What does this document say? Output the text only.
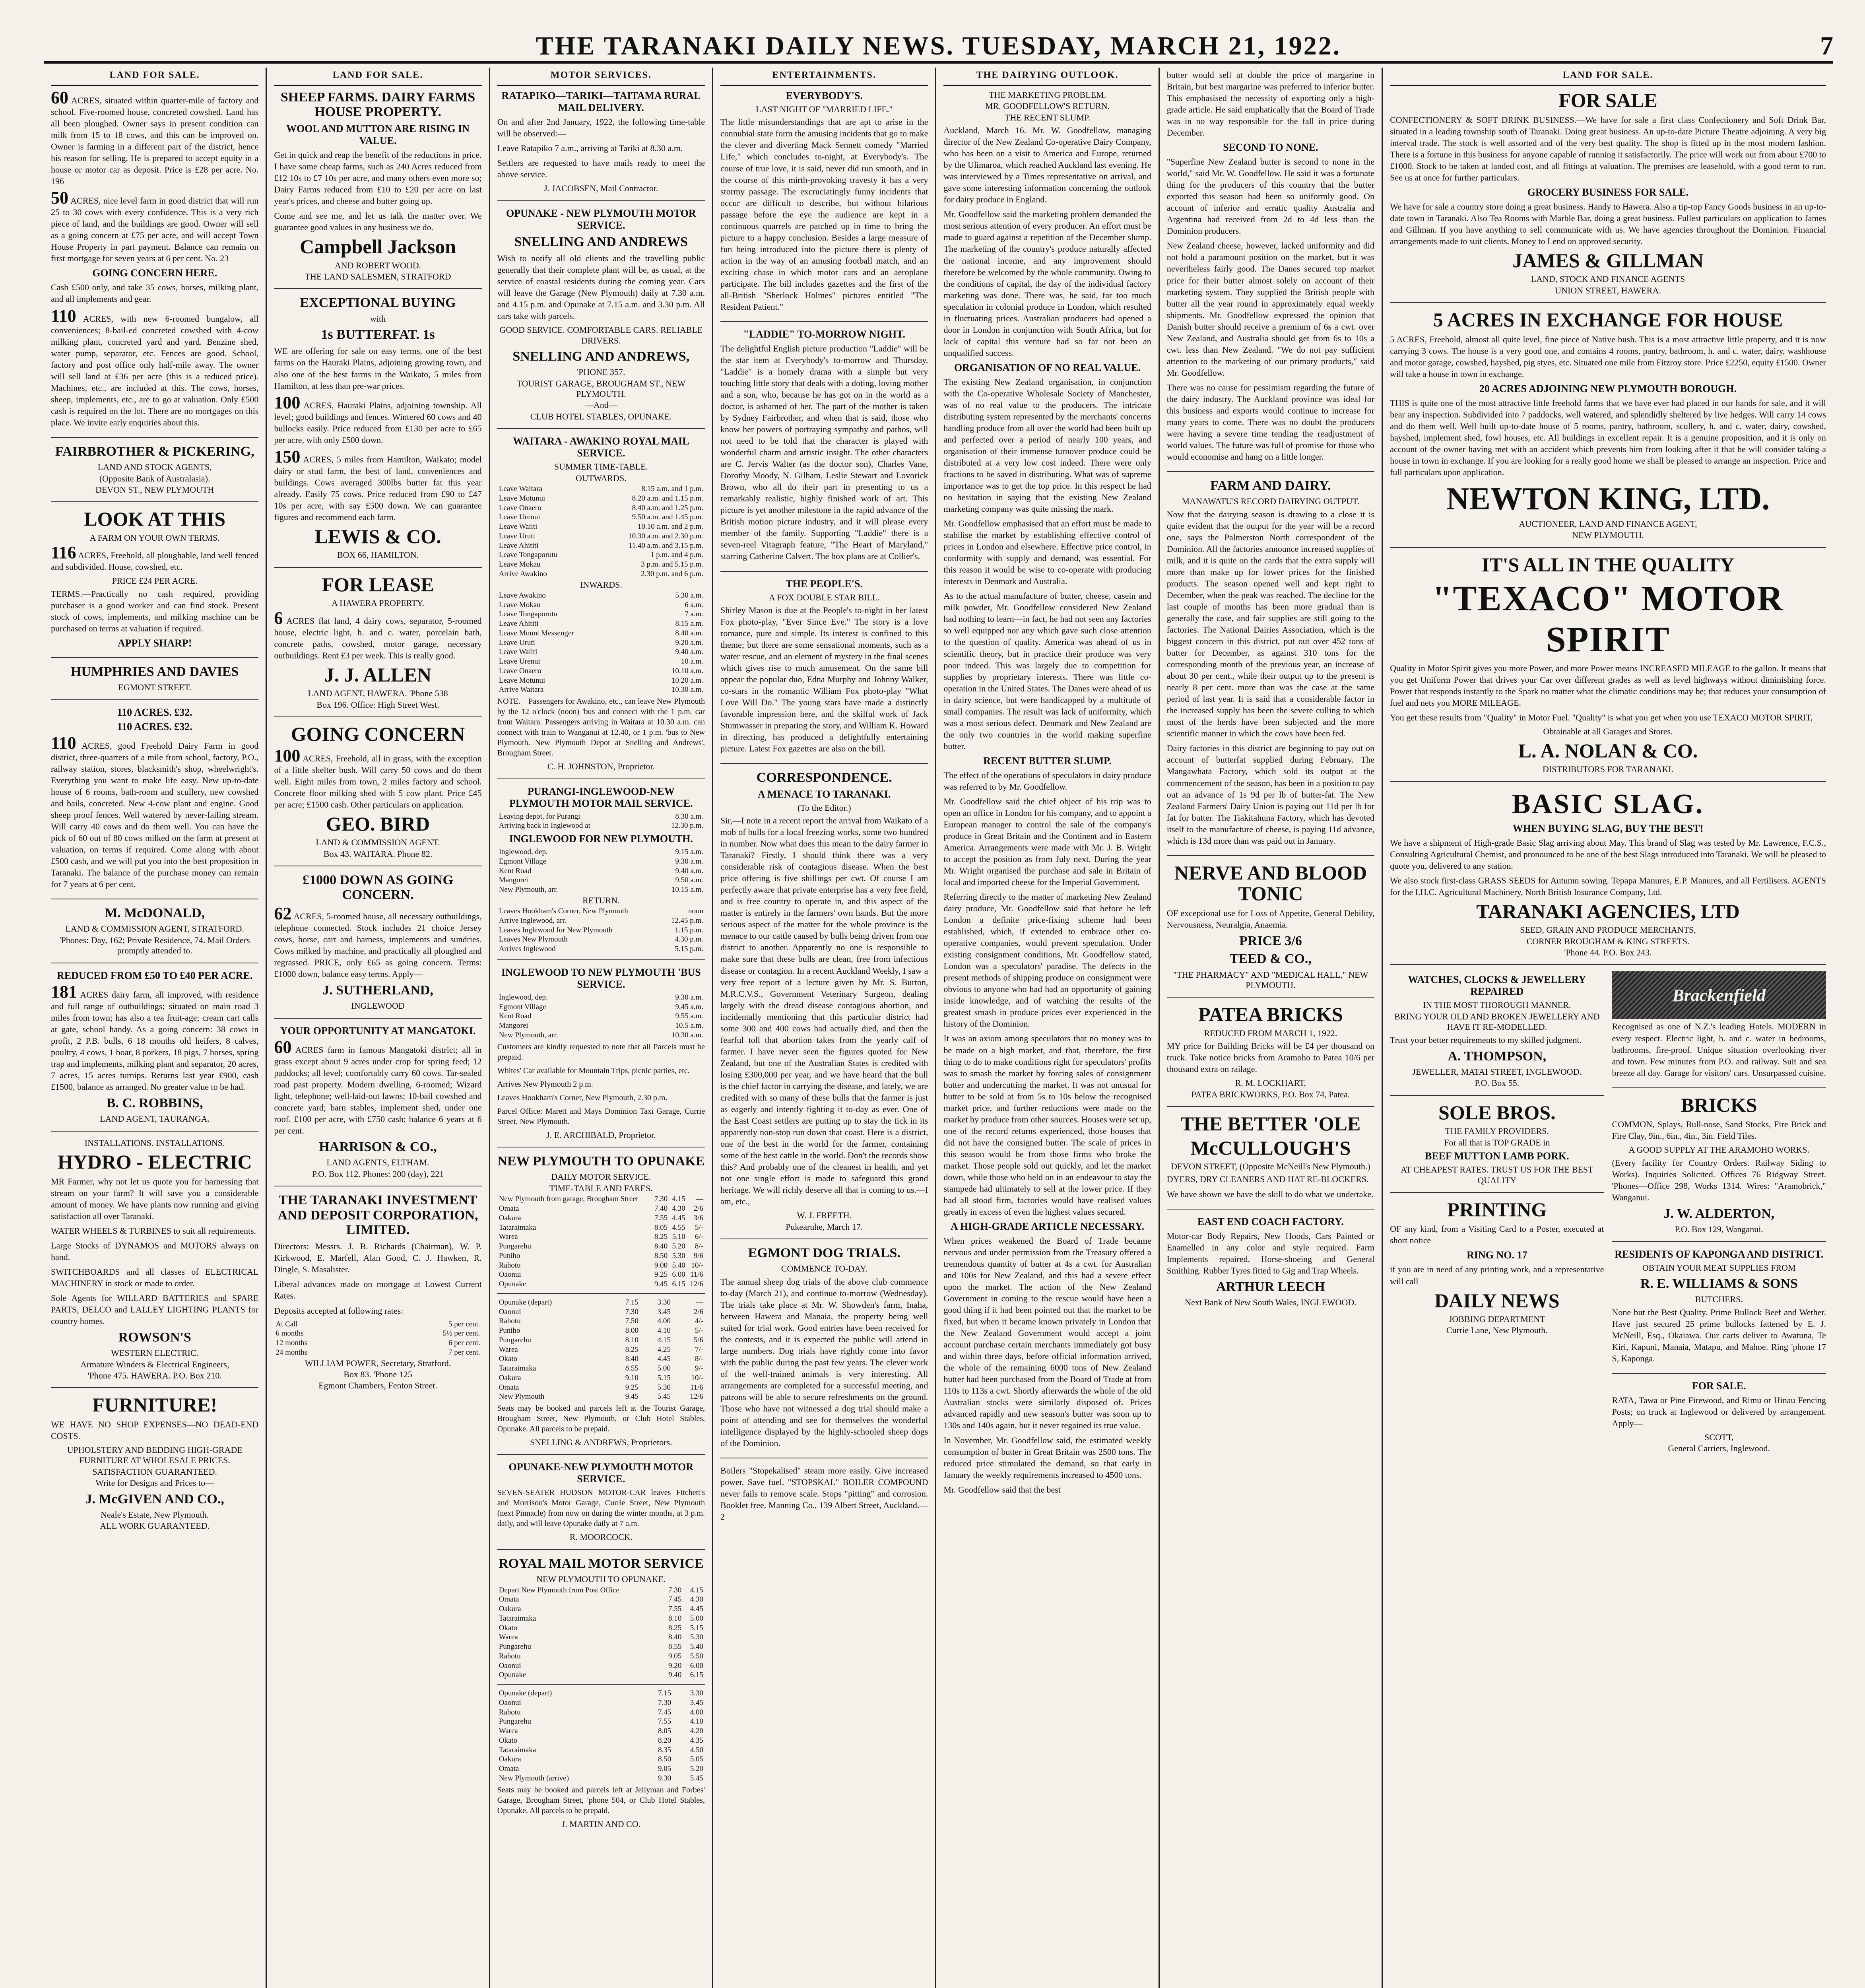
THE TARANAKI DAILY NEWS. TUESDAY, MARCH 21, 1922.	7
LAND FOR SALE.

60 ACRES, situated within quarter-mile of factory and school. Five-roomed house, concreted cowshed. Land has all been ploughed. Owner says in present condition can milk from 15 to 18 cows, and this can be improved on. Owner is farming in a different part of the district, hence his reason for selling. He is prepared to accept equity in a house or motor car as deposit. Price is £28 per acre. No. 196

50 ACRES, nice level farm in good district that will run 25 to 30 cows with every confidence. This is a very rich piece of land, and the buildings are good. Owner will sell as a going concern at £75 per acre, and will accept Town House Property in part payment. Balance can remain on first mortgage for seven years at 6 per cent. No. 23

GOING CONCERN HERE.

Cash £500 only, and take 35 cows, horses, milking plant, and all implements and gear.

110 ACRES, with new 6-roomed bungalow, all conveniences; 8-bail-ed concreted cowshed with 4-cow milking plant, concreted yard and yard. Benzine shed, water pump, separator, etc. Fences are good. School, factory and post office only half-mile away. The owner will sell land at £36 per acre (this is a reduced price). Machines, etc., are included at this. The cows, horses, sheep, implements, etc., are to go at valuation. Only £500 cash is required on the lot. There are no mortgages on this place. We invite early enquiries about this.

FAIRBROTHER & PICKERING,
LAND AND STOCK AGENTS,
(Opposite Bank of Australasia).
DEVON ST., NEW PLYMOUTH
LOOK AT THIS
A FARM ON YOUR OWN TERMS.

116 ACRES, Freehold, all ploughable, land well fenced and subdivided. House, cowshed, etc.

PRICE £24 PER ACRE.

TERMS.—Practically no cash required, providing purchaser is a good worker and can find stock. Present stock of cows, implements, and milking machine can be purchased on terms at valuation if required.

APPLY SHARP!
HUMPHRIES AND DAVIES
EGMONT STREET.
110 ACRES. £32.
110 ACRES. £32.

110 ACRES, good Freehold Dairy Farm in good district, three-quarters of a mile from school, factory, P.O., railway station, stores, blacksmith's shop, wheelwright's. Everything you want to make life easy. New up-to-date house of 6 rooms, bath-room and scullery, new cowshed and bails, concreted. New 4-cow plant and engine. Good sheep proof fences. Well watered by never-failing stream. Will carry 40 cows and do them well. You can have the pick of 60 out of 80 cows milked on the farm at present at valuation, on terms if required. Come along with about £500 cash, and we will put you into the best proposition in Taranaki. The balance of the purchase money can remain for 7 years at 6 per cent.

M. McDONALD,
LAND & COMMISSION AGENT, STRATFORD.
'Phones: Day, 162; Private Residence, 74. Mail Orders promptly attended to.
REDUCED FROM £50 TO £40 PER ACRE.

181 ACRES dairy farm, all improved, with residence and full range of outbuildings; situated on main road 3 miles from town; has also a tea fruit-age; cream cart calls at gate, school handy. As a going concern: 38 cows in profit, 2 P.B. bulls, 6 18 months old heifers, 8 calves, poultry, 4 cows, 1 boar, 8 porkers, 18 pigs, 7 horses, spring trap and implements, milking plant and separator, 20 acres, 7 acres, 15 acres turnips. Returns last year £900, cash £1500, balance as arranged. No greater value to be had.

B. C. ROBBINS,
LAND AGENT, TAURANGA.
INSTALLATIONS. INSTALLATIONS.
HYDRO - ELECTRIC

MR Farmer, why not let us quote you for harnessing that stream on your farm? It will save you a considerable amount of money. We have plants now running and giving satisfaction all over Taranaki.

WATER WHEELS & TURBINES to suit all requirements.

Large Stocks of DYNAMOS and MOTORS always on hand.

SWITCHBOARDS and all classes of ELECTRICAL MACHINERY in stock or made to order.

Sole Agents for WILLARD BATTERIES and SPARE PARTS, DELCO and LALLEY LIGHTING PLANTS for country homes.

ROWSON'S
WESTERN ELECTRIC.
Armature Winders & Electrical Engineers,
'Phone 475. HAWERA. P.O. Box 210.
FURNITURE!

WE HAVE NO SHOP EXPENSES—NO DEAD-END COSTS.

UPHOLSTERY AND BEDDING HIGH-GRADE FURNITURE AT WHOLESALE PRICES.
SATISFACTION GUARANTEED.
Write for Designs and Prices to—
J. McGIVEN AND CO.,
Neale's Estate, New Plymouth.
ALL WORK GUARANTEED.
LAND FOR SALE.
SHEEP FARMS. DAIRY FARMS HOUSE PROPERTY.
WOOL AND MUTTON ARE RISING IN VALUE.

Get in quick and reap the benefit of the reductions in price. I have some cheap farms, such as 240 Acres reduced from £12 10s to £7 10s per acre, and many others even more so; Dairy Farms reduced from £10 to £20 per acre on last year's prices, and cheese and butter going up.

Come and see me, and let us talk the matter over. We guarantee good values in any business we do.

Campbell Jackson
AND ROBERT WOOD.
THE LAND SALESMEN, STRATFORD
EXCEPTIONAL BUYING
with
1s BUTTERFAT. 1s

WE are offering for sale on easy terms, one of the best farms on the Hauraki Plains, adjoining growing town, and also one of the best farms in the Waikato, 5 miles from Hamilton, at less than pre-war prices.

100 ACRES, Hauraki Plains, adjoining township. All level; good buildings and fences. Wintered 60 cows and 40 bullocks easily. Price reduced from £130 per acre to £65 per acre, with only £500 down.

150 ACRES, 5 miles from Hamilton, Waikato; model dairy or stud farm, the best of land, conveniences and buildings. Cows averaged 300lbs butter fat this year already. Easily 75 cows. Price reduced from £90 to £47 10s per acre, with say £500 down. We can guarantee figures and recommend each farm.

LEWIS & CO.
BOX 66, HAMILTON.
FOR LEASE
A HAWERA PROPERTY.

6 ACRES flat land, 4 dairy cows, separator, 5-roomed house, electric light, h. and c. water, porcelain bath, concrete paths, cowshed, motor garage, necessary outbuildings. Rent £3 per week. This is really good.

J. J. ALLEN
LAND AGENT, HAWERA. 'Phone 538
Box 196. Office: High Street West.
GOING CONCERN

100 ACRES, Freehold, all in grass, with the exception of a little shelter bush. Will carry 50 cows and do them well. Eight miles from town, 2 miles factory and school. Concrete floor milking shed with 5 cow plant. Price £45 per acre; £1500 cash. Other particulars on application.

GEO. BIRD
LAND & COMMISSION AGENT.
Box 43. WAITARA. Phone 82.
£1000 DOWN AS GOING CONCERN.

62 ACRES, 5-roomed house, all necessary outbuildings, telephone connected. Stock includes 21 choice Jersey cows, horse, cart and harness, implements and sundries. Cows milked by machine, and practically all ploughed and regrassed. PRICE, only £65 as going concern. Terms: £1000 down, balance easy terms. Apply—

J. SUTHERLAND,
INGLEWOOD
YOUR OPPORTUNITY AT MANGATOKI.

60 ACRES farm in famous Mangatoki district; all in grass except about 9 acres under crop for spring feed; 12 paddocks; all level; comfortably carry 60 cows. Tar-sealed road past property. Modern dwelling, 6-roomed; Wizard light, telephone; well-laid-out lawns; 10-bail cowshed and concrete yard; barn stables, implement shed, under one roof. £100 per acre, with £750 cash; balance 6 years at 6 per cent.

HARRISON & CO.,
LAND AGENTS, ELTHAM.
P.O. Box 112. Phones: 200 (day), 221
THE TARANAKI INVESTMENT AND DEPOSIT CORPORATION, LIMITED.

Directors: Messrs. J. B. Richards (Chairman), W. P. Kirkwood, E. Marfell, Alan Good, C. J. Hawken, R. Dingle, S. Masalister.

Liberal advances made on mortgage at Lowest Current Rates.

Deposits accepted at following rates:

At Call	5 per cent.
6 months	5½ per cent.
12 months	6 per cent.
24 months	7 per cent.
WILLIAM POWER, Secretary, Stratford.
Box 83. 'Phone 125
Egmont Chambers, Fenton Street.
MOTOR SERVICES.
RATAPIKO—TARIKI—TAITAMA RURAL MAIL DELIVERY.

On and after 2nd January, 1922, the following time-table will be observed:—

Leave Ratapiko 7 a.m., arriving at Tariki at 8.30 a.m.

Settlers are requested to have mails ready to meet the above service.

J. JACOBSEN, Mail Contractor.
OPUNAKE - NEW PLYMOUTH MOTOR SERVICE.
SNELLING AND ANDREWS

Wish to notify all old clients and the travelling public generally that their complete plant will be, as usual, at the service of coastal residents during the coming year. Cars will leave the Garage (New Plymouth) daily at 7.30 a.m. and 4.15 p.m. and Opunake at 7.15 a.m. and 3.30 p.m. All cars take with parcels.

GOOD SERVICE. COMFORTABLE CARS. RELIABLE DRIVERS.
SNELLING AND ANDREWS,
'PHONE 357.
TOURIST GARAGE, BROUGHAM ST., NEW PLYMOUTH.
—And—
CLUB HOTEL STABLES, OPUNAKE.
WAITARA - AWAKINO ROYAL MAIL SERVICE.
SUMMER TIME-TABLE.
OUTWARDS.
Leave Waitara	8.15 a.m. and 1 p.m.
Leave Motunui	8.20 a.m. and 1.15 p.m.
Leave Onaero	8.40 a.m. and 1.25 p.m.
Leave Urenui	9.50 a.m. and 1.45 p.m.
Leave Waiiti	10.10 a.m. and 2 p.m.
Leave Uruti	10.30 a.m. and 2.30 p.m.
Leave Ahititi	11.40 a.m. and 3.15 p.m.
Leave Tongaporutu	1 p.m. and 4 p.m.
Leave Mokau	3 p.m. and 5.15 p.m.
Arrive Awakino	2.30 p.m. and 6 p.m.
INWARDS.
Leave Awakino	5.30 a.m.
Leave Mokau	6 a.m.
Leave Tongaporutu	7 a.m.
Leave Ahititi	8.15 a.m.
Leave Mount Messenger	8.40 a.m.
Leave Uruti	9.20 a.m.
Leave Waiiti	9.40 a.m.
Leave Urenui	10 a.m.
Leave Onaero	10.10 a.m.
Leave Motunui	10.20 a.m.
Arrive Waitara	10.30 a.m.

NOTE.—Passengers for Awakino, etc., can leave New Plymouth by the 12 o'clock (noon) 'bus and connect with the 1 p.m. car from Waitara. Passengers arriving in Waitara at 10.30 a.m. can connect with train to Wanganui at 12.40, or 1 p.m. 'bus to New Plymouth. New Plymouth Depot at Snelling and Andrews', Brougham Street.

C. H. JOHNSTON, Proprietor.
PURANGI-INGLEWOOD-NEW PLYMOUTH MOTOR MAIL SERVICE.
Leaving depot, for Purangi	8.30 a.m.
Arriving back in Inglewood at	12.30 p.m.
INGLEWOOD FOR NEW PLYMOUTH.
Inglewood, dep.	9.15 a.m.
Egmont Village	9.30 a.m.
Kent Road	9.40 a.m.
Mangorei	9.50 a.m.
New Plymouth, arr.	10.15 a.m.
RETURN.
Leaves Hookham's Corner, New Plymouth	noon
Arrive Inglewood, arr.	12.45 p.m.
Leaves Inglewood for New Plymouth	1.15 p.m.
Leaves New Plymouth	4.30 p.m.
Arrives Inglewood	5.15 p.m.
INGLEWOOD TO NEW PLYMOUTH 'BUS SERVICE.
Inglewood, dep.	9.30 a.m.
Egmont Village	9.45 a.m.
Kent Road	9.55 a.m.
Mangorei	10.5 a.m.
New Plymouth, arr.	10.30 a.m.

Customers are kindly requested to note that all Parcels must be prepaid.

Whites' Car available for Mountain Trips, picnic parties, etc.

Arrives New Plymouth 2 p.m.

Leaves Hookham's Corner, New Plymouth, 2.30 p.m.

Parcel Office: Marett and Mays Dominion Taxi Garage, Currie Street, New Plymouth.

J. E. ARCHIBALD, Proprietor.
NEW PLYMOUTH TO OPUNAKE
DAILY MOTOR SERVICE.
TIME-TABLE AND FARES.
New Plymouth from garage, Brougham Street	7.30	4.15	—
Omata	7.40	4.30	2/6
Oakura	7.55	4.45	3/6
Tataraimaka	8.05	4.55	5/-
Warea	8.25	5.10	6/-
Pungarehu	8.40	5.20	8/-
Puniho	8.50	5.30	9/6
Rahotu	9.00	5.40	10/-
Oaonui	9.25	6.00	11/6
Opunake	9.45	6.15	12/6
Opunake (depart)	7.15	3.30	—
Oaonui	7.30	3.45	2/6
Rahotu	7.50	4.00	4/-
Puniho	8.00	4.10	5/-
Pungarehu	8.10	4.15	5/6
Warea	8.25	4.25	7/-
Okato	8.40	4.45	8/-
Tataraimaka	8.55	5.00	9/-
Oakura	9.10	5.15	10/-
Omata	9.25	5.30	11/6
New Plymouth	9.45	5.45	12/6

Seats may be booked and parcels left at the Tourist Garage, Brougham Street, New Plymouth, or Club Hotel Stables, Opunake. All parcels to be prepaid.

SNELLING & ANDREWS, Proprietors.
OPUNAKE-NEW PLYMOUTH MOTOR SERVICE.

SEVEN-SEATER HUDSON MOTOR-CAR leaves Fitchett's and Morrison's Motor Garage, Currie Street, New Plymouth (next Pinnacle) from now on during the winter months, at 3 p.m. daily, and will leave Opunake daily at 7 a.m.

R. MOORCOCK.
ROYAL MAIL MOTOR SERVICE
NEW PLYMOUTH TO OPUNAKE.
Depart New Plymouth from Post Office	7.30	4.15
Omata	7.45	4.30
Oakura	7.55	4.45
Tataraimaka	8.10	5.00
Okato	8.25	5.15
Warea	8.40	5.30
Pungarehu	8.55	5.40
Rahotu	9.05	5.50
Oaonui	9.20	6.00
Opunake	9.40	6.15
Opunake (depart)	7.15	3.30
Oaonui	7.30	3.45
Rahotu	7.45	4.00
Pungarehu	7.55	4.10
Warea	8.05	4.20
Okato	8.20	4.35
Tataraimaka	8.35	4.50
Oakura	8.50	5.05
Omata	9.05	5.20
New Plymouth (arrive)	9.30	5.45

Seats may be booked and parcels left at Jellyman and Forbes' Garage, Brougham Street, 'phone 504, or Club Hotel Stables, Opunake. All parcels to be prepaid.

J. MARTIN AND CO.
ENTERTAINMENTS.
EVERYBODY'S.
LAST NIGHT OF "MARRIED LIFE."

The little misunderstandings that are apt to arise in the connubial state form the amusing incidents that go to make the clever and diverting Mack Sennett comedy "Married Life," which concludes to-night, at Everybody's. The course of true love, it is said, never did run smooth, and in the course of this mirth-provoking travesty it has a very stormy passage. The excruciatingly funny incidents that occur are difficult to describe, but without hilarious passage before the eye the audience are kept in a continuous quarrels are patched up in time to bring the picture to a happy conclusion. Besides a large measure of fun being introduced into the picture there is plenty of action in the way of an amusing football match, and an exciting chase in which motor cars and an aeroplane participate. The bill includes gazettes and the first of the all-British "Sherlock Holmes" pictures entitled "The Resident Patient."

"LADDIE" TO-MORROW NIGHT.

The delightful English picture production "Laddie" will be the star item at Everybody's to-morrow and Thursday. "Laddie" is a homely drama with a simple but very touching little story that deals with a doting, loving mother and a son, who, because he has got on in the world as a doctor, is ashamed of her. The part of the mother is taken by Sydney Fairbrother, and when that is said, those who know her powers of portraying sympathy and pathos, will not need to be told that the character is played with wonderful charm and artistic insight. The other characters are C. Jervis Walter (as the doctor son), Charles Vane, Dorothy Moody, N. Gilham, Leslie Stewart and Lovorick Brown, who all do their part in presenting to us a remarkably realistic, highly finished work of art. This picture is yet another milestone in the rapid advance of the British motion picture industry, and it will please every member of the family. Supporting "Laddie" there is a seven-reel Vitagraph feature, "The Heart of Maryland," starring Catherine Calvert. The box plans are at Collier's.

THE PEOPLE'S.
A FOX DOUBLE STAR BILL.

Shirley Mason is due at the People's to-night in her latest Fox photo-play, "Ever Since Eve." The story is a love romance, pure and simple. Its interest is confined to this theme; but there are some sensational moments, such as a water rescue, and an element of mystery in the final scenes which gives rise to much amusement. On the same bill appear the popular duo, Edna Murphy and Johnny Walker, co-stars in the romantic William Fox photo-play "What Love Will Do." The young stars have made a distinctly favorable impression here, and the skilful work of Jack Stumwasser in preparing the story, and William K. Howard in directing, has produced a delightfully entertaining picture. Latest Fox gazettes are also on the bill.

CORRESPONDENCE.
A MENACE TO TARANAKI.
(To the Editor.)

Sir,—I note in a recent report the arrival from Waikato of a mob of bulls for a local freezing works, some two hundred in number. Now what does this mean to the dairy farmer in Taranaki? Firstly, I should think there was a very considerable risk of contagious disease. When the best price offering is five shillings per cwt. Of course I am perfectly aware that private enterprise has a very free field, and is free country to operate in, and this aspect of the matter is entirely in the farmers' own hands. But the more serious aspect of the matter for the whole province is the menace to our cattle caused by bulls being driven from one district to another. Apparently no one is responsible to make sure that these bulls are clean, free from infectious disease or contagion. In a recent Auckland Weekly, I saw a very free report of a lecture given by Mr. S. Burton, M.R.C.V.S., Government Veterinary Surgeon, dealing largely with the dread disease contagious abortion, and incidentally mentioning that this particular district had some 300 and 400 cows had actually died, and then the fearful toll that abortion takes from the yearly calf of farmer. I have never seen the figures quoted for New Zealand, but one of the Australian States is credited with losing £300,000 per year, and we have heard that the bull is the chief factor in carrying the disease, and lately, we are credited with so many of these bulls that the farmer is just as eagerly and intently fighting it to-day as ever. One of the East Coast settlers are putting up to stay the tick in its apparently non-stop run down that coast. Here is a district, one of the best in the world for the farmer, containing some of the best cattle in the world. Don't the records show this? And probably one of the cleanest in health, and yet not one single effort is made to safeguard this grand heritage. We will richly deserve all that is coming to us.—I am, etc.,

W. J. FREETH.
Pukearuhe, March 17.
EGMONT DOG TRIALS.
COMMENCE TO-DAY.

The annual sheep dog trials of the above club commence to-day (March 21), and continue to-morrow (Wednesday). The trials take place at Mr. W. Showden's farm, Inaha, between Hawera and Manaia, the property being well suited for trial work. Good entries have been received for the contests, and it is expected the public will attend in large numbers. Dog trials have rightly come into favor with the public during the past few years. The clever work of the well-trained animals is very interesting. All arrangements are completed for a successful meeting, and patrons will be able to secure refreshments on the ground. Those who have not witnessed a dog trial should make a point of attending and see for themselves the wonderful intelligence displayed by the highly-schooled sheep dogs of the Dominion.

Boilers "Stopekalised" steam more easily. Give increased power. Save fuel. "STOPSKAL" BOILER COMPOUND never fails to remove scale. Stops "pitting" and corrosion. Booklet free. Manning Co., 139 Albert Street, Auckland.—2

THE DAIRYING OUTLOOK.
THE MARKETING PROBLEM.
MR. GOODFELLOW'S RETURN.
THE RECENT SLUMP.

Auckland, March 16. Mr. W. Goodfellow, managing director of the New Zealand Co-operative Dairy Company, who has been on a visit to America and Europe, returned by the Ulimaroa, which reached Auckland last evening. He was interviewed by a Times representative on arrival, and gave some interesting information concerning the outlook for dairy produce in England.

Mr. Goodfellow said the marketing problem demanded the most serious attention of every producer. An effort must be made to guard against a repetition of the December slump. The marketing of the country's produce naturally affected the national income, and any improvement should therefore be welcomed by the whole community. Owing to the conditions of capital, the day of the individual factory marketing was done. There was, he said, far too much speculation in colonial produce in London, which resulted in fluctuating prices. Australian producers had opened a door in London in conjunction with South Africa, but for lack of capital this venture had so far not been an unqualified success.

ORGANISATION OF NO REAL VALUE.

The existing New Zealand organisation, in conjunction with the Co-operative Wholesale Society of Manchester, was of no real value to the producers. The intricate distributing system represented by the merchants' concerns handling produce from all over the world had been built up and perfected over a period of nearly 100 years, and organisation of their immense turnover produce could be distributed at a very low cost indeed. There were only fractions to be saved in distributing. What was of supreme importance was to get the top price. In this respect he had no hesitation in saying that the existing New Zealand marketing company was quite missing the mark.

Mr. Goodfellow emphasised that an effort must be made to stabilise the market by establishing effective control of prices in London and elsewhere. Effective price control, in conformity with supply and demand, was essential. For this reason it would be wise to co-operate with producing interests in Denmark and Australia.

As to the actual manufacture of butter, cheese, casein and milk powder, Mr. Goodfellow considered New Zealand had nothing to learn—in fact, he had not seen any factories so well equipped nor any which gave such close attention to the question of quality. America was ahead of us in scientific theory, but in practice their produce was very poor indeed. This was largely due to competition for supplies by proprietary interests. There was little co-operation in the United States. The Danes were ahead of us in dairy science, but were handicapped by a multitude of small companies. The result was lack of uniformity, which was a most serious defect. Denmark and New Zealand are the only two countries in the world making superfine butter.

RECENT BUTTER SLUMP.

The effect of the operations of speculators in dairy produce was referred to by Mr. Goodfellow.

Mr. Goodfellow said the chief object of his trip was to open an office in London for his company, and to appoint a European manager to control the sale of the company's produce in Great Britain and the Continent and in Eastern America. Arrangements were made with Mr. J. B. Wright to accept the position as from July next. During the year Mr. Wright organised the purchase and sale in Britain of local and imported cheese for the Imperial Government.

Referring directly to the matter of marketing New Zealand dairy produce, Mr. Goodfellow said that before he left London a definite price-fixing scheme had been established, which, if extended to embrace other co-operative companies, would prevent speculation. Under existing consignment conditions, Mr. Goodfellow stated, London was a speculators' paradise. The defects in the present methods of shipping produce on consignment were obvious to anyone who had had an opportunity of gaining inside knowledge, and of watching the results of the greatest smash in produce prices ever experienced in the history of the Dominion.

It was an axiom among speculators that no money was to be made on a high market, and that, therefore, the first thing to do to make conditions right for speculators' profits was to smash the market by forcing sales of consignment butter and undercutting the market. It was not unusual for butter to be sold at from 5s to 10s below the recognised market price, and further reductions were made on the market by produce from other sources. Houses were set up, one of the record returns experienced, those houses that did not have the consigned butter. The scale of prices in this season would be from those firms who broke the market. Those people sold out quickly, and let the market down, while those who held on in an endeavour to stay the stampede had ultimately to sell at the lower price. If they had all stood firm, factories would have realised values greatly in excess of even the highest values secured.

A HIGH-GRADE ARTICLE NECESSARY.

When prices weakened the Board of Trade became nervous and under permission from the Treasury offered a tremendous quantity of butter at 4s a cwt. for Australian and 100s for New Zealand, and this had a severe effect upon the market. The action of the New Zealand Government in coming to the rescue would have been a good thing if it had been pointed out that the market to be fixed, but when it became known privately in London that the New Zealand Government would accept a joint account purchase certain merchants immediately got busy and within three days, before official information arrived, the whole of the remaining 6000 tons of New Zealand butter had been purchased from the Board of Trade at from 110s to 113s a cwt. Shortly afterwards the whole of the old Australian stocks were similarly disposed of. Prices advanced rapidly and new season's butter was soon up to 130s and 140s again, but it never regained its true value.

In November, Mr. Goodfellow said, the estimated weekly consumption of butter in Great Britain was 2500 tons. The reduced price stimulated the demand, so that early in January the weekly requirements increased to 4500 tons.

Mr. Goodfellow said that the best

butter would sell at double the price of margarine in Britain, but best margarine was preferred to inferior butter. This emphasised the necessity of exporting only a high-grade article. He said emphatically that the Board of Trade was in no way responsible for the fall in price during December.

SECOND TO NONE.

"Superfine New Zealand butter is second to none in the world," said Mr. W. Goodfellow. He said it was a fortunate thing for the producers of this country that the butter exported this season had been so uniformly good. On account of inferior and erratic quality Australia and Argentina had received from 2d to 4d less than the Dominion producers.

New Zealand cheese, however, lacked uniformity and did not hold a paramount position on the market, but it was nevertheless fairly good. The Danes secured top market price for their butter almost solely on account of their marketing system. They supplied the British people with butter all the year round in approximately equal weekly shipments. Mr. Goodfellow expressed the opinion that Danish butter should receive a premium of 6s a cwt. over New Zealand, and Australia should get from 6s to 10s a cwt. less than New Zealand. "We do not pay sufficient attention to the marketing of our primary products," said Mr. Goodfellow.

There was no cause for pessimism regarding the future of the dairy industry. The Auckland province was ideal for this business and exports would continue to increase for many years to come. There was no doubt the producers were having a severe time tending the readjustment of world values. The future was full of promise for those who would economise and hang on a little longer.

FARM AND DAIRY.
MANAWATU'S RECORD DAIRYING OUTPUT.

Now that the dairying season is drawing to a close it is quite evident that the output for the year will be a record one, says the Palmerston North correspondent of the Dominion. All the factories announce increased supplies of milk, and it is quite on the cards that the extra supply will more than make up for lower prices for the finished products. The season opened well and kept right to December, when the peak was reached. The decline for the last couple of months has been more gradual than is generally the case, and fair supplies are still going to the factories. The National Dairies Association, which is the biggest concern in this district, put out over 452 tons of butter for December, as against 310 tons for the corresponding month of the previous year, an increase of about 30 per cent., while their output up to the present is nearly 8 per cent. more than was the case at the same period of last year. It is said that a considerable factor in the increased supply has been the severe culling to which most of the herds have been subjected and the more scientific manner in which the cows have been fed.

Dairy factories in this district are beginning to pay out on account of butterfat supplied during February. The Mangawhata Factory, which sold its output at the commencement of the season, has been in a position to pay out an advance of 1s 9d per lb of butter-fat. The New Zealand Farmers' Dairy Union is paying out 11d per lb for fat for butter. The Tiakitahuna Factory, which has devoted itself to the manufacture of cheese, is paying 11d advance, which is 13d more than was paid out in January.

NERVE AND BLOOD TONIC

OF exceptional use for Loss of Appetite, General Debility, Nervousness, Neuralgia, Anaemia.

PRICE 3/6
TEED & CO.,
"THE PHARMACY" AND "MEDICAL HALL," NEW PLYMOUTH.
PATEA BRICKS
REDUCED FROM MARCH 1, 1922.

MY price for Building Bricks will be £4 per thousand on truck. Take notice bricks from Aramoho to Patea 10/6 per thousand extra on railage.

R. M. LOCKHART,
PATEA BRICKWORKS, P.O. Box 74, Patea.
THE BETTER 'OLE
McCULLOUGH'S
DEVON STREET, (Opposite McNeill's New Plymouth.)

DYERS, DRY CLEANERS AND HAT RE-BLOCKERS.

We have shown we have the skill to do what we undertake.

EAST END COACH FACTORY.

Motor-car Body Repairs, New Hoods, Cars Painted or Enamelled in any color and style required. Farm Implements repaired. Horse-shoeing and General Smithing. Rubber Tyres fitted to Gig and Trap Wheels.

ARTHUR LEECH
Next Bank of New South Wales, INGLEWOOD.
LAND FOR SALE.
FOR SALE

CONFECTIONERY & SOFT DRINK BUSINESS.—We have for sale a first class Confectionery and Soft Drink Bar, situated in a leading township south of Taranaki. Doing great business. An up-to-date Picture Theatre adjoining. A very big interval trade. The stock is well assorted and of the very best quality. The shop is fitted up in the most modern fashion. There is a fortune in this business for anyone capable of running it satisfactorily. The price will work out from about £700 to £1000. Stock to be taken at landed cost, and all fittings at valuation. The premises are leasehold, with a good term to run. See us at once for further particulars.

GROCERY BUSINESS FOR SALE.

We have for sale a country store doing a great business. Handy to Hawera. Also a tip-top Fancy Goods business in an up-to-date town in Taranaki. Also Tea Rooms with Marble Bar, doing a great business. Fullest particulars on application to James and Gillman. If you have anything to sell communicate with us. We have agencies throughout the Dominion. Financial arrangements made to suit clients. Money to Lend on approved security.

JAMES & GILLMAN
LAND, STOCK AND FINANCE AGENTS
UNION STREET, HAWERA.
5 ACRES IN EXCHANGE FOR HOUSE

5 ACRES, Freehold, almost all quite level, fine piece of Native bush. This is a most attractive little property, and it is now carrying 3 cows. The house is a very good one, and contains 4 rooms, pantry, bathroom, h. and c. water, dairy, washhouse and motor garage, cowshed, hayshed, pig styes, etc. Situated one mile from Fitzroy store. Price £2250, equity £1500. Owner will take a house in town in exchange.

20 ACRES ADJOINING NEW PLYMOUTH BOROUGH.

THIS is quite one of the most attractive little freehold farms that we have ever had placed in our hands for sale, and it will bear any inspection. Subdivided into 7 paddocks, well watered, and splendidly sheltered by live hedges. Will carry 14 cows and do them well. Well built up-to-date house of 5 rooms, pantry, bathroom, scullery, h. and c. water, dairy, cowshed, hayshed, implement shed, fowl houses, etc. All buildings in excellent repair. It is a genuine proposition, and it is only on account of the owner having met with an accident which prevents him from looking after it that he will consider taking a house in town in exchange. If you are looking for a really good home we shall be pleased to arrange an inspection. Price and full particulars upon application.

NEWTON KING, LTD.
AUCTIONEER, LAND AND FINANCE AGENT,
NEW PLYMOUTH.
IT'S ALL IN THE QUALITY
"TEXACO" MOTOR SPIRIT

Quality in Motor Spirit gives you more Power, and more Power means INCREASED MILEAGE to the gallon. It means that you get Uniform Power that drives your Car over different grades as well as level highways without diminishing force. Power that responds instantly to the Spark no matter what the climatic conditions may be; that reduces your consumption of fuel and nets you MORE MILEAGE.

You get these results from "Quality" in Motor Fuel. "Quality" is what you get when you use TEXACO MOTOR SPIRIT,

Obtainable at all Garages and Stores.
L. A. NOLAN & CO.
DISTRIBUTORS FOR TARANAKI.
BASIC SLAG.
WHEN BUYING SLAG, BUY THE BEST!

We have a shipment of High-grade Basic Slag arriving about May. This brand of Slag was tested by Mr. Lawrence, F.C.S., Consulting Agricultural Chemist, and pronounced to be one of the best Slags introduced into Taranaki. We will be pleased to quote you, delivered to any station.

We also stock first-class GRASS SEEDS for Autumn sowing. Tepapa Manures, E.P. Manures, and all Fertilisers. AGENTS for the I.H.C. Agricultural Machinery, North British Insurance Company, Ltd.

TARANAKI AGENCIES, LTD
SEED, GRAIN AND PRODUCE MERCHANTS,
CORNER BROUGHAM & KING STREETS.
'Phone 44. P.O. Box 243.
WATCHES, CLOCKS & JEWELLERY REPAIRED
IN THE MOST THOROUGH MANNER.
BRING YOUR OLD AND BROKEN JEWELLERY AND HAVE IT RE-MODELLED.

Trust your better requirements to my skilled judgment.

A. THOMPSON,
JEWELLER, MATAI STREET, INGLEWOOD.
P.O. Box 55.
SOLE BROS.
THE FAMILY PROVIDERS.
For all that is TOP GRADE in
BEEF MUTTON LAMB PORK.
AT CHEAPEST RATES. TRUST US FOR THE BEST QUALITY
PRINTING

OF any kind, from a Visiting Card to a Poster, executed at short notice

RING NO. 17

if you are in need of any printing work, and a representative will call

DAILY NEWS
JOBBING DEPARTMENT
Currie Lane, New Plymouth.
Brackenfield

Recognised as one of N.Z.'s leading Hotels. MODERN in every respect. Electric light, h. and c. water in bedrooms, bathrooms, fire-proof. Unique situation overlooking river and town. Few minutes from P.O. and railway. Suit and sea breeze all day. Garage for visitors' cars. Unsurpassed cuisine.

BRICKS

COMMON, Splays, Bull-nose, Sand Stocks, Fire Brick and Fire Clay, 9in., 6in., 4in., 3in. Field Tiles.

A GOOD SUPPLY AT THE ARAMOHO WORKS.

(Every facility for Country Orders. Railway Siding to Works). Inquiries Solicited. Offices 76 Ridgway Street. 'Phones—Office 298, Works 1314. Wires: "Aramobrick," Wanganui.

J. W. ALDERTON,
P.O. Box 129, Wanganui.
RESIDENTS OF KAPONGA AND DISTRICT.
OBTAIN YOUR MEAT SUPPLIES FROM
R. E. WILLIAMS & SONS
BUTCHERS.

None but the Best Quality. Prime Bullock Beef and Wether. Have just secured 25 prime bullocks fattened by E. J. McNeill, Esq., Okaiawa. Our carts deliver to Awatuna, Te Kiri, Kapuni, Manaia, Matapu, and Mahoe. Ring 'phone 17 S, Kaponga.

FOR SALE.

RATA, Tawa or Pine Firewood, and Rimu or Hinau Fencing Posts; on truck at Inglewood or delivered by arrangement. Apply—

SCOTT,
General Carriers, Inglewood.
